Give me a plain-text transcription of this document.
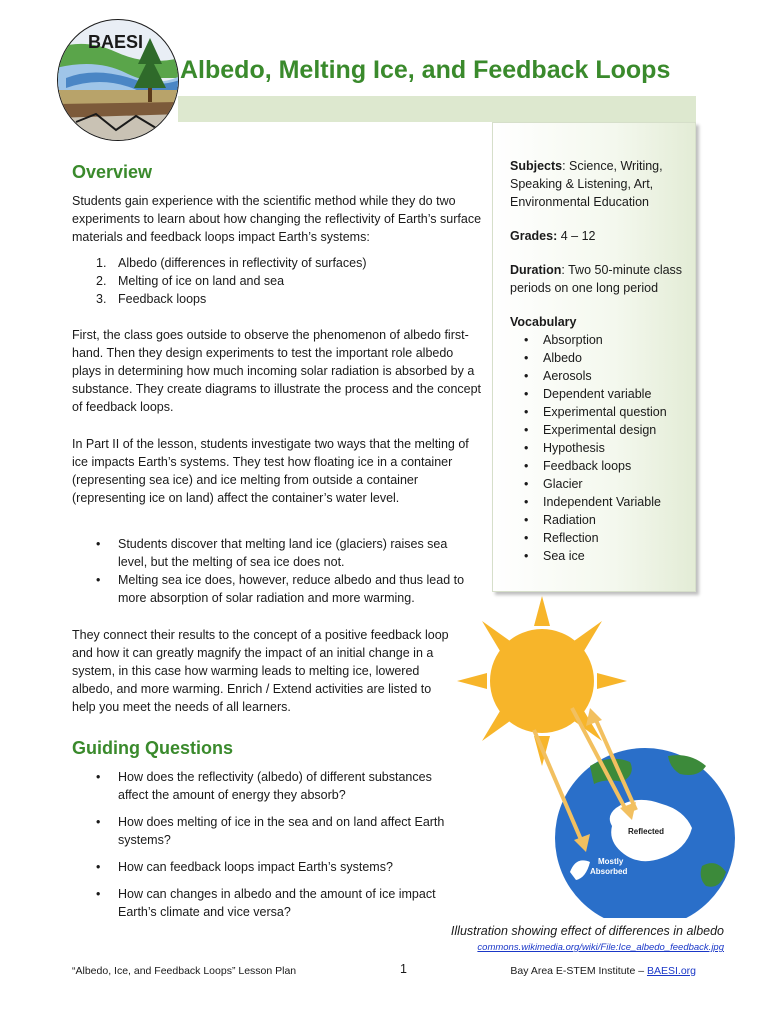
BAESI
Albedo, Melting Ice, and Feedback Loops

Subjects: Science, Writing, Speaking & Listening, Art, Environmental Education

Grades: 4 – 12

Duration: Two 50-minute class periods on one long period

Vocabulary
• Absorption
• Albedo
• Aerosols
• Dependent variable
• Experimental question
• Experimental design
• Hypothesis
• Feedback loops
• Glacier
• Independent Variable
• Radiation
• Reflection
• Sea ice
Overview

Students gain experience with the scientific method while they do two experiments to learn about how changing the reflectivity of Earth’s surface materials and feedback loops impact Earth’s systems:

1. Albedo (differences in reflectivity of surfaces)
2. Melting of ice on land and sea
3. Feedback loops

First, the class goes outside to observe the phenomenon of albedo first-hand. Then they design experiments to test the important role albedo plays in determining how much incoming solar radiation is absorbed by a substance. They create diagrams to illustrate the process and the concept of feedback loops.

In Part II of the lesson, students investigate two ways that the melting of ice impacts Earth’s systems. They test how floating ice in a container (representing sea ice) and ice melting from outside a container (representing ice on land) affect the container’s water level.

• Students discover that melting land ice (glaciers) raises sea level, but the melting of sea ice does not.
• Melting sea ice does, however, reduce albedo and thus lead to more absorption of solar radiation and more warming.

They connect their results to the concept of a positive feedback loop and how it can greatly magnify the impact of an initial change in a system, in this case how warming leads to melting ice, lowered albedo, and more warming. Enrich / Extend activities are listed to help you meet the needs of all learners.

Guiding Questions
• How does the reflectivity (albedo) of different substances affect the amount of energy they absorb?
• How does melting of ice in the sea and on land affect Earth systems?
• How can feedback loops impact Earth’s systems?
• How can changes in albedo and the amount of ice impact Earth’s climate and vice versa?
Reflected
Mostly
Absorbed
Illustration showing effect of differences in albedo
commons.wikimedia.org/wiki/File:Ice_albedo_feedback.jpg
“Albedo, Ice, and Feedback Loops” Lesson Plan	1	Bay Area E-STEM Institute – BAESI.org
